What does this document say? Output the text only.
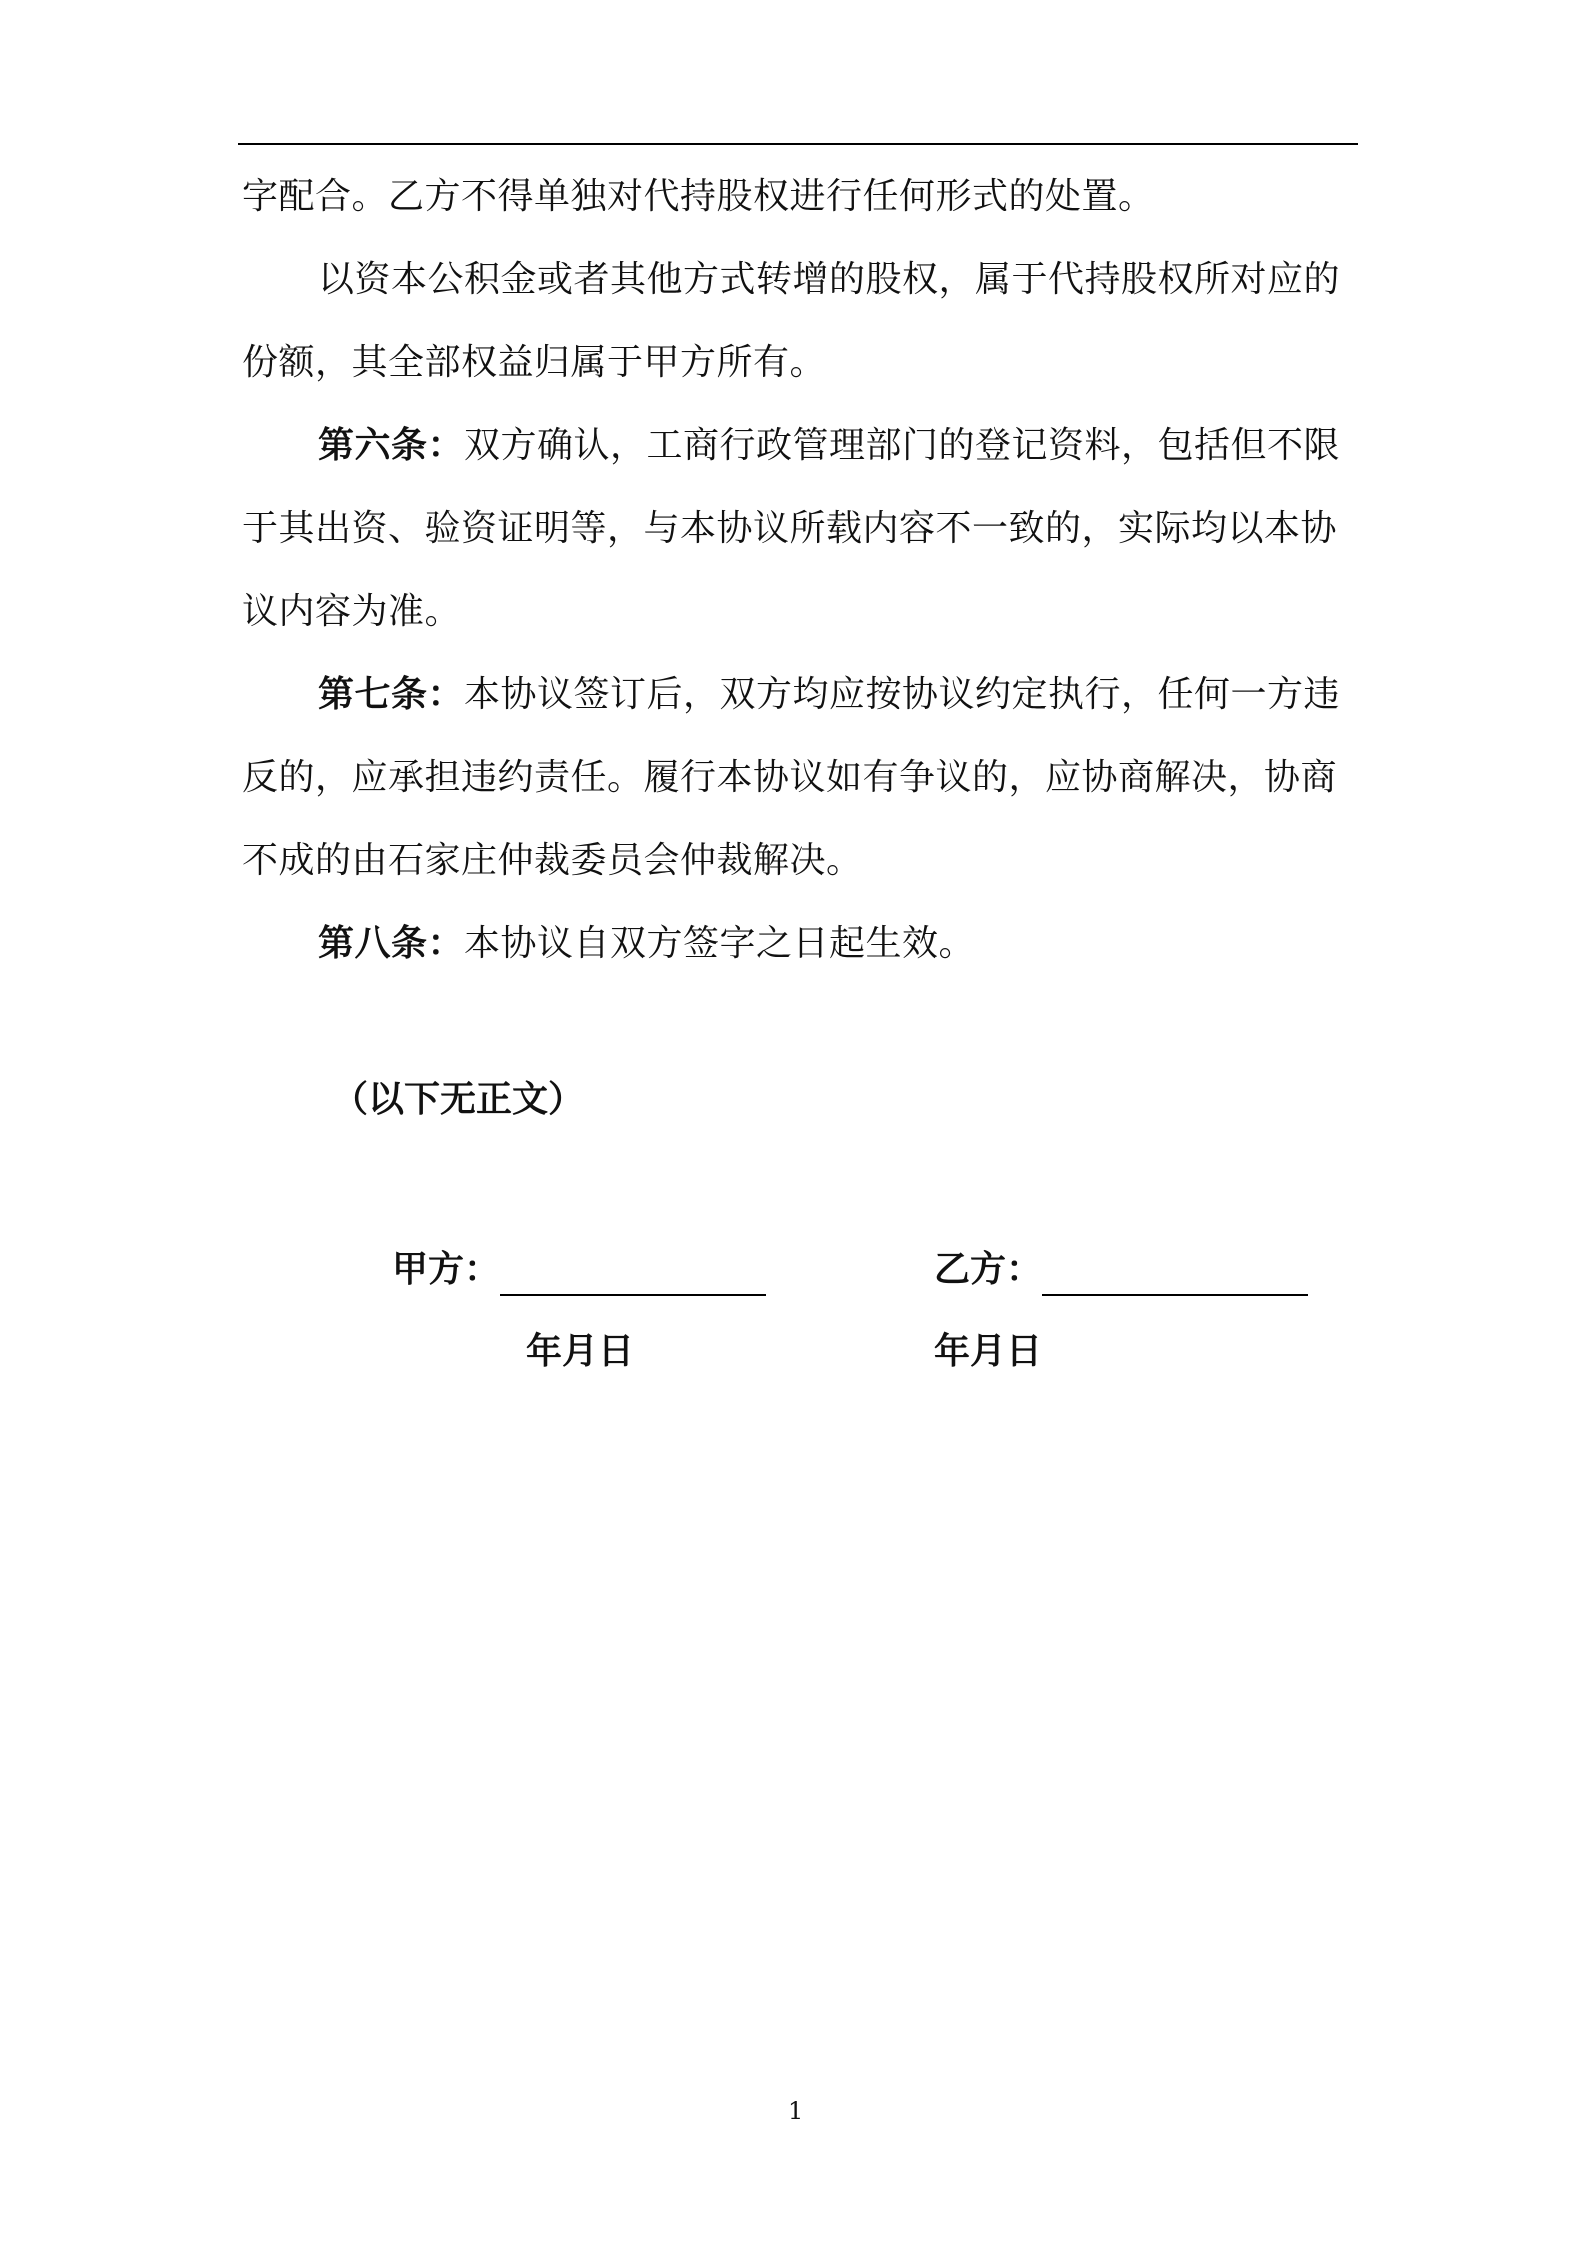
字配合。乙方不得单独对代持股权进行任何形式的处置。

以资本公积金或者其他方式转增的股权，属于代持股权所对应的份额，其全部权益归属于甲方所有。

第六条：双方确认，工商行政管理部门的登记资料，包括但不限于其出资、验资证明等，与本协议所载内容不一致的，实际均以本协议内容为准。

第七条：本协议签订后，双方均应按协议约定执行，任何一方违反的，应承担违约责任。履行本协议如有争议的，应协商解决，协商不成的由石家庄仲裁委员会仲裁解决。

第八条：本协议自双方签字之日起生效。

（以下无正文）
甲方：
年月日
乙方：
年月日
1
